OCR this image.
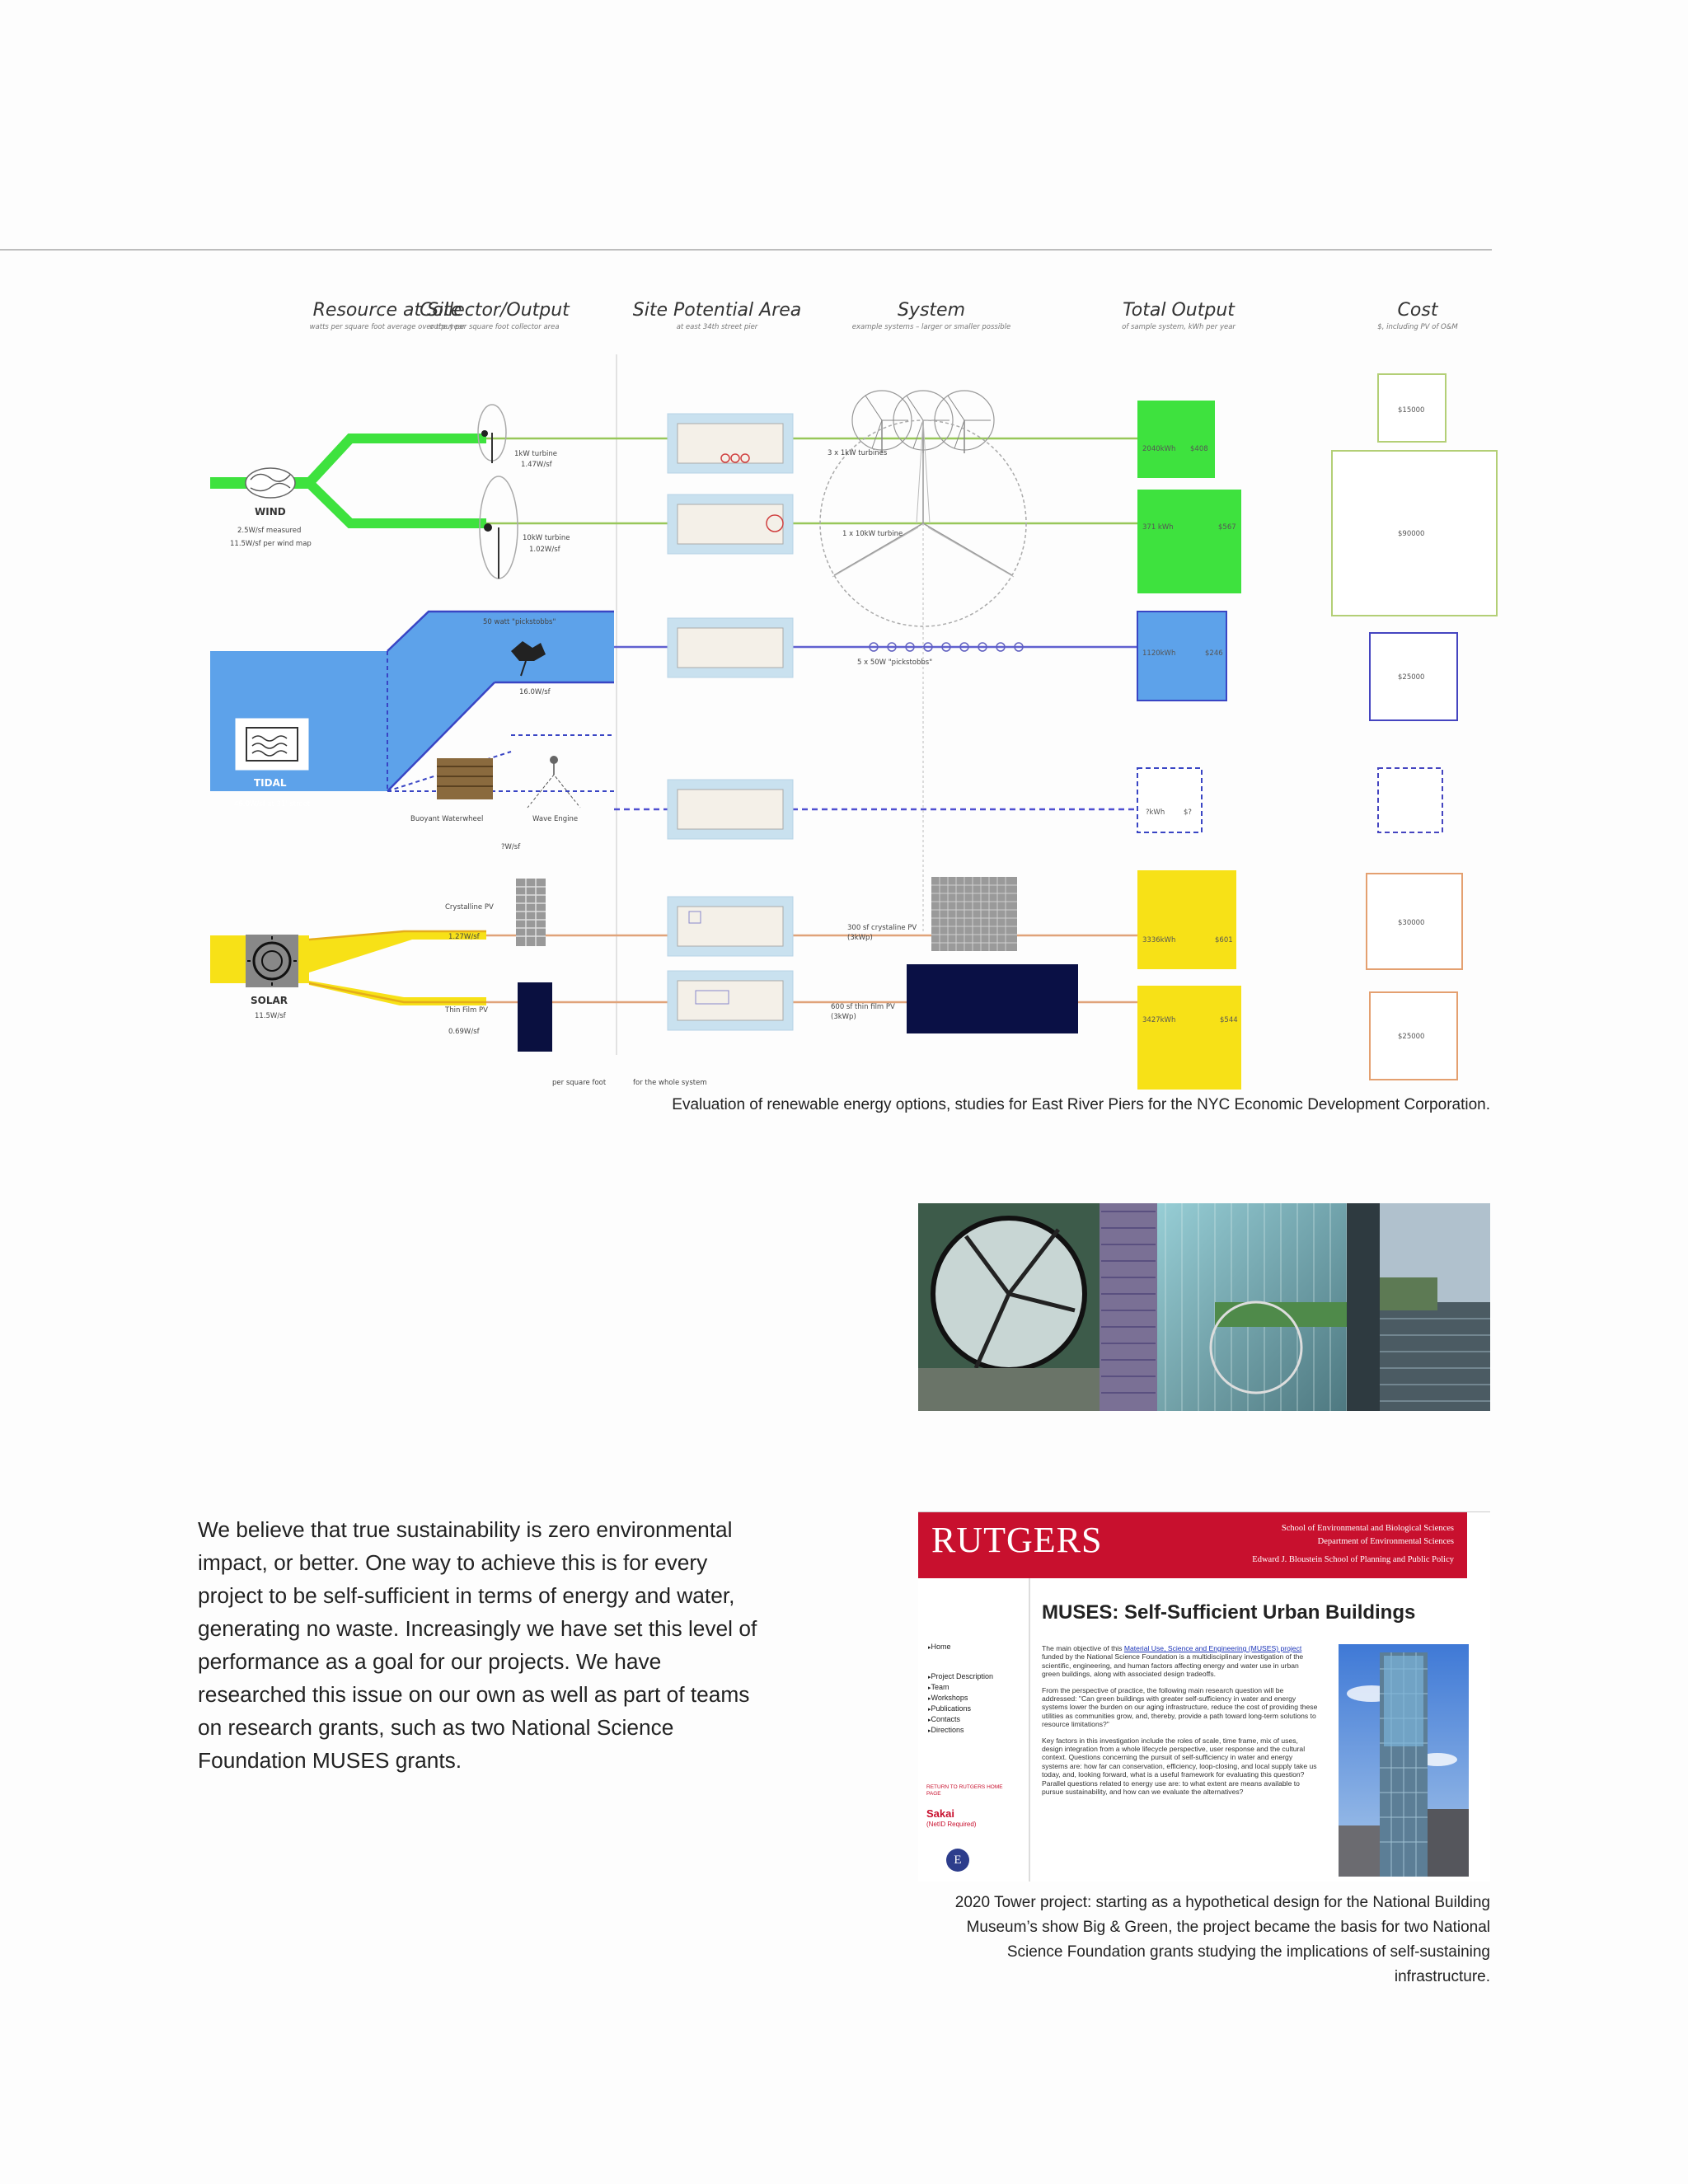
Resource at Site
watts per square foot average over the year
Collector/Output
output per square foot collector area
Site Potential Area
at east 34th street pier
System
example systems – larger or smaller possible
Total Output
of sample system, kWh per year
Cost
$, including PV of O&M
WIND
2.5W/sf measured
11.5W/sf per wind map
1kW turbine
1.47W/sf
10kW turbine
1.02W/sf
TIDAL
46.0W/sf at 31' street
50 watt "pickstobbs"
16.0W/sf
Buoyant Waterwheel	Wave Engine
?W/sf
SOLAR
11.5W/sf
Crystalline PV
1.27W/sf
Thin Film PV
0.69W/sf
3 x 1kW turbines
1 x 10kW turbine
5 x 50W "pickstobbs"
300 sf crystaline PV
(3kWp)
600 sf thin film PV
(3kWp)
2040kWh $408
371 kWh	$567
1120kWh	$246
?kWh	$?
3336kWh	$601
3427kWh	$544
$15000
$90000
$25000
$30000
$25000
per square foot	for the whole system
Evaluation of renewable energy options, studies for East River Piers for the NYC Economic Development Corporation.
We believe that true sustainability is zero environmental impact, or better. One way to achieve this is for every project to be self-sufficient in terms of energy and water, generating no waste. Increasingly we have set this level of performance as a goal for our projects. We have researched this issue on our own as well as part of teams on research grants, such as two National Science Foundation MUSES grants.
RUTGERS	School of Environmental and Biological Sciences
Department of Environmental Sciences
Edward J. Bloustein School of Planning and Public Policy
▸ Home
▸ Project Description
▸ Team
▸ Workshops
▸ Publications
▸ Contacts
▸ Directions
RETURN TO RUTGERS HOME PAGE
Sakai
(NetID Required)
E
MUSES: Self-Sufficient Urban Buildings

The main objective of this Material Use, Science and Engineering (MUSES) project funded by the National Science Foundation is a multidisciplinary investigation of the scientific, engineering, and human factors affecting energy and water use in urban green buildings, along with associated design tradeoffs.

From the perspective of practice, the following main research question will be addressed: "Can green buildings with greater self-sufficiency in water and energy systems lower the burden on our aging infrastructure, reduce the cost of providing these utilities as communities grow, and, thereby, provide a path toward long-term solutions to resource limitations?"

Key factors in this investigation include the roles of scale, time frame, mix of uses, design integration from a whole lifecycle perspective, user response and the cultural context. Questions concerning the pursuit of self-sufficiency in water and energy systems are: how far can conservation, efficiency, loop-closing, and local supply take us today, and, looking forward, what is a useful framework for evaluating this question? Parallel questions related to energy use are: to what extent are means available to pursue sustainability, and how can we evaluate the alternatives?

2020 Tower project: starting as a hypothetical design for the National Building Museum’s show Big & Green, the project became the basis for two National Science Foundation grants studying the implications of self-sustaining infrastructure.
